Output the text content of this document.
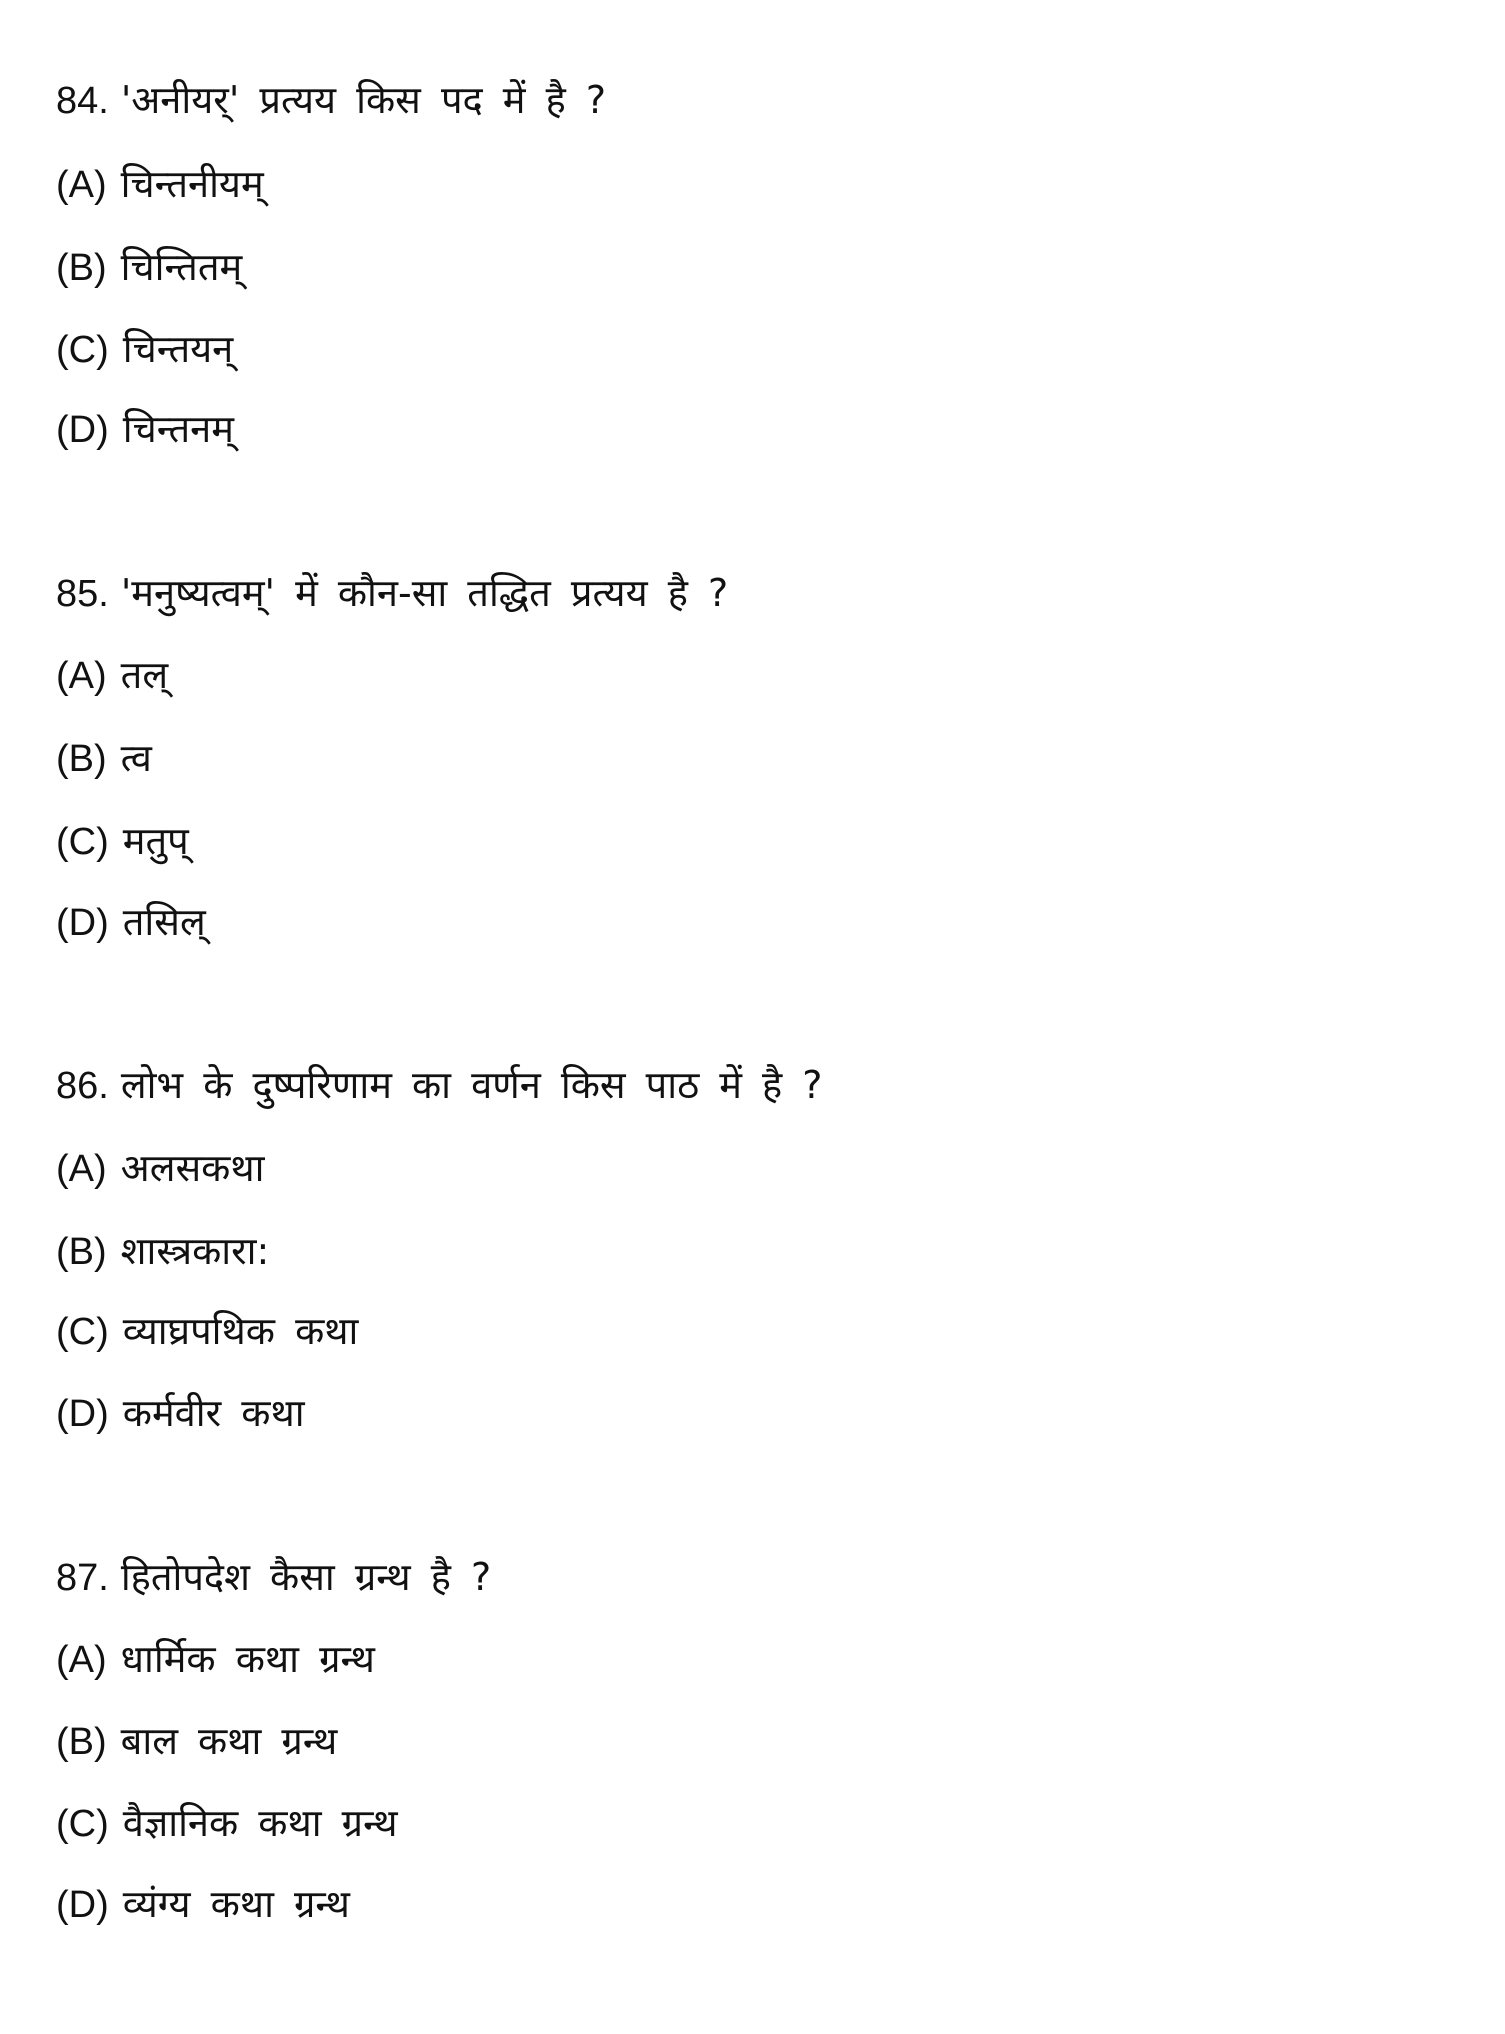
84. 'अनीयर्' प्रत्यय किस पद में है ?
(A) चिन्तनीयम्
(B) चिन्तितम्
(C) चिन्तयन्
(D) चिन्तनम्
85. 'मनुष्यत्वम्' में कौन-सा तद्धित प्रत्यय है ?
(A) तल्
(B) त्व
(C) मतुप्
(D) तसिल्
86. लोभ के दुष्परिणाम का वर्णन किस पाठ में है ?
(A) अलसकथा
(B) शास्त्रकारा:
(C) व्याघ्रपथिक कथा
(D) कर्मवीर कथा
87. हितोपदेश कैसा ग्रन्थ है ?
(A) धार्मिक कथा ग्रन्थ
(B) बाल कथा ग्रन्थ
(C) वैज्ञानिक कथा ग्रन्थ
(D) व्यंग्य कथा ग्रन्थ
